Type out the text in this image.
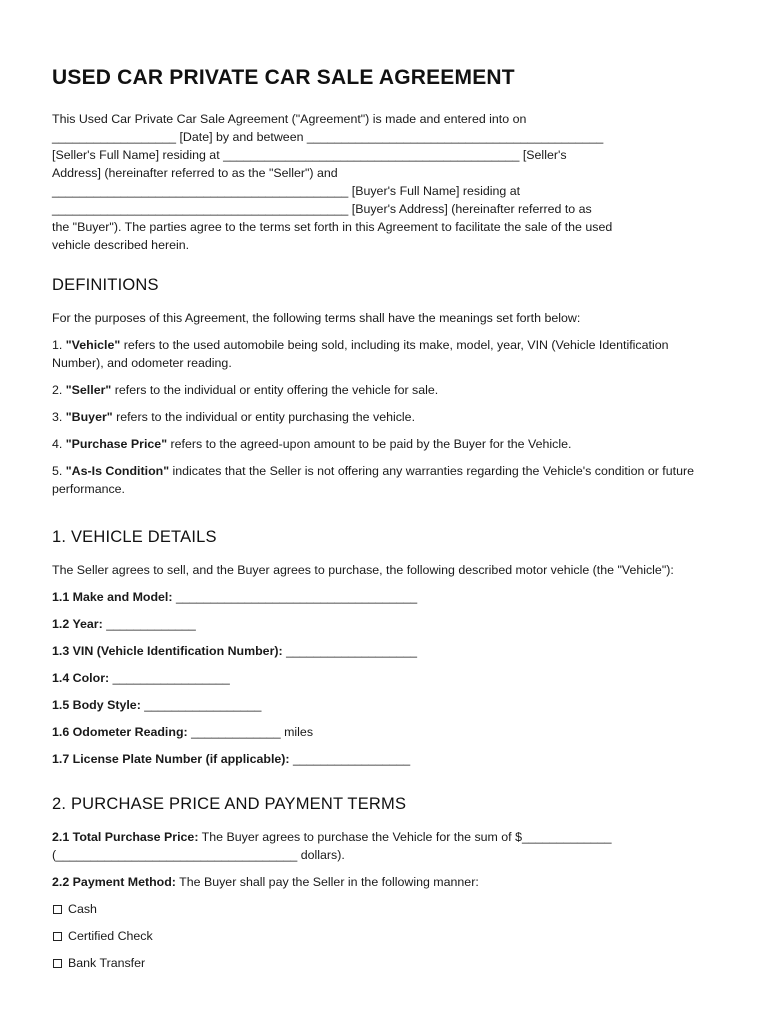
USED CAR PRIVATE CAR SALE AGREEMENT

This Used Car Private Car Sale Agreement ("Agreement") is made and entered into on
__________________ [Date] by and between ___________________________________________
[Seller's Full Name] residing at ___________________________________________ [Seller's
Address] (hereinafter referred to as the "Seller") and
___________________________________________ [Buyer's Full Name] residing at
___________________________________________ [Buyer's Address] (hereinafter referred to as
the "Buyer"). The parties agree to the terms set forth in this Agreement to facilitate the sale of the used
vehicle described herein.

DEFINITIONS

For the purposes of this Agreement, the following terms shall have the meanings set forth below:

1. "Vehicle" refers to the used automobile being sold, including its make, model, year, VIN (Vehicle Identification Number), and odometer reading.

2. "Seller" refers to the individual or entity offering the vehicle for sale.

3. "Buyer" refers to the individual or entity purchasing the vehicle.

4. "Purchase Price" refers to the agreed-upon amount to be paid by the Buyer for the Vehicle.

5. "As-Is Condition" indicates that the Seller is not offering any warranties regarding the Vehicle's condition or future performance.

1. VEHICLE DETAILS

The Seller agrees to sell, and the Buyer agrees to purchase, the following described motor vehicle (the "Vehicle"):

1.1 Make and Model: ___________________________________

1.2 Year: _____________

1.3 VIN (Vehicle Identification Number): ___________________

1.4 Color: _________________

1.5 Body Style: _________________

1.6 Odometer Reading: _____________ miles

1.7 License Plate Number (if applicable): _________________

2. PURCHASE PRICE AND PAYMENT TERMS

2.1 Total Purchase Price: The Buyer agrees to purchase the Vehicle for the sum of $_____________ (___________________________________ dollars).

2.2 Payment Method: The Buyer shall pay the Seller in the following manner:

Cash

Certified Check

Bank Transfer
